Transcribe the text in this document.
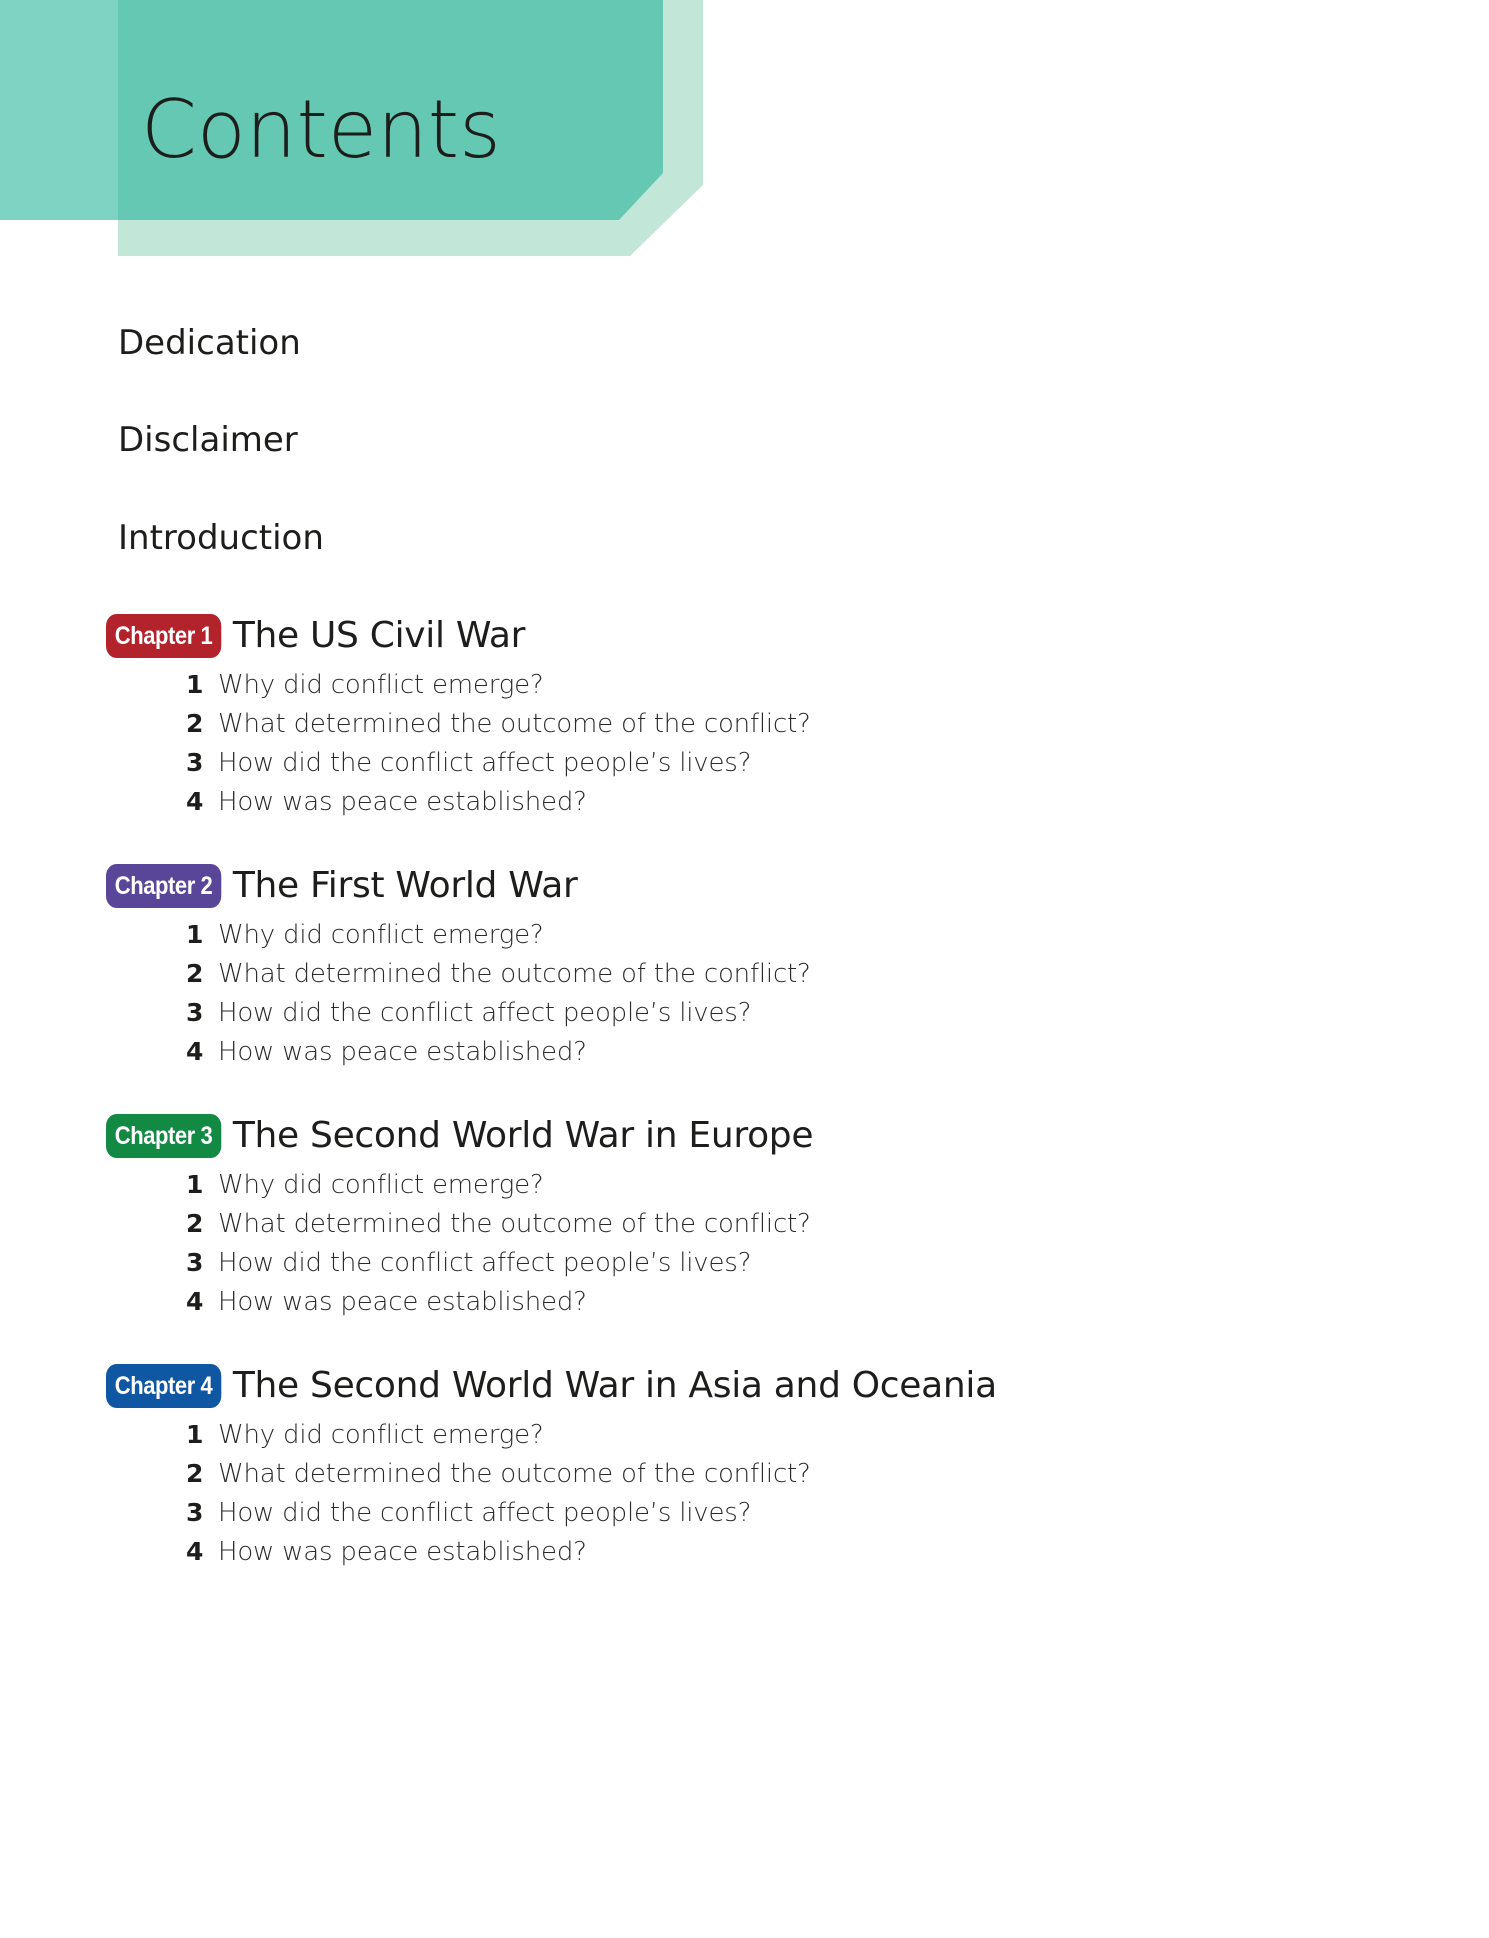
Contents
Dedication
Disclaimer
Introduction
Chapter 1 The US Civil War
1 Why did conflict emerge?
2 What determined the outcome of the conflict?
3 How did the conflict affect people’s lives?
4 How was peace established?
Chapter 2 The First World War
1 Why did conflict emerge?
2 What determined the outcome of the conflict?
3 How did the conflict affect people’s lives?
4 How was peace established?
Chapter 3 The Second World War in Europe
1 Why did conflict emerge?
2 What determined the outcome of the conflict?
3 How did the conflict affect people’s lives?
4 How was peace established?
Chapter 4 The Second World War in Asia and Oceania
1 Why did conflict emerge?
2 What determined the outcome of the conflict?
3 How did the conflict affect people’s lives?
4 How was peace established?
